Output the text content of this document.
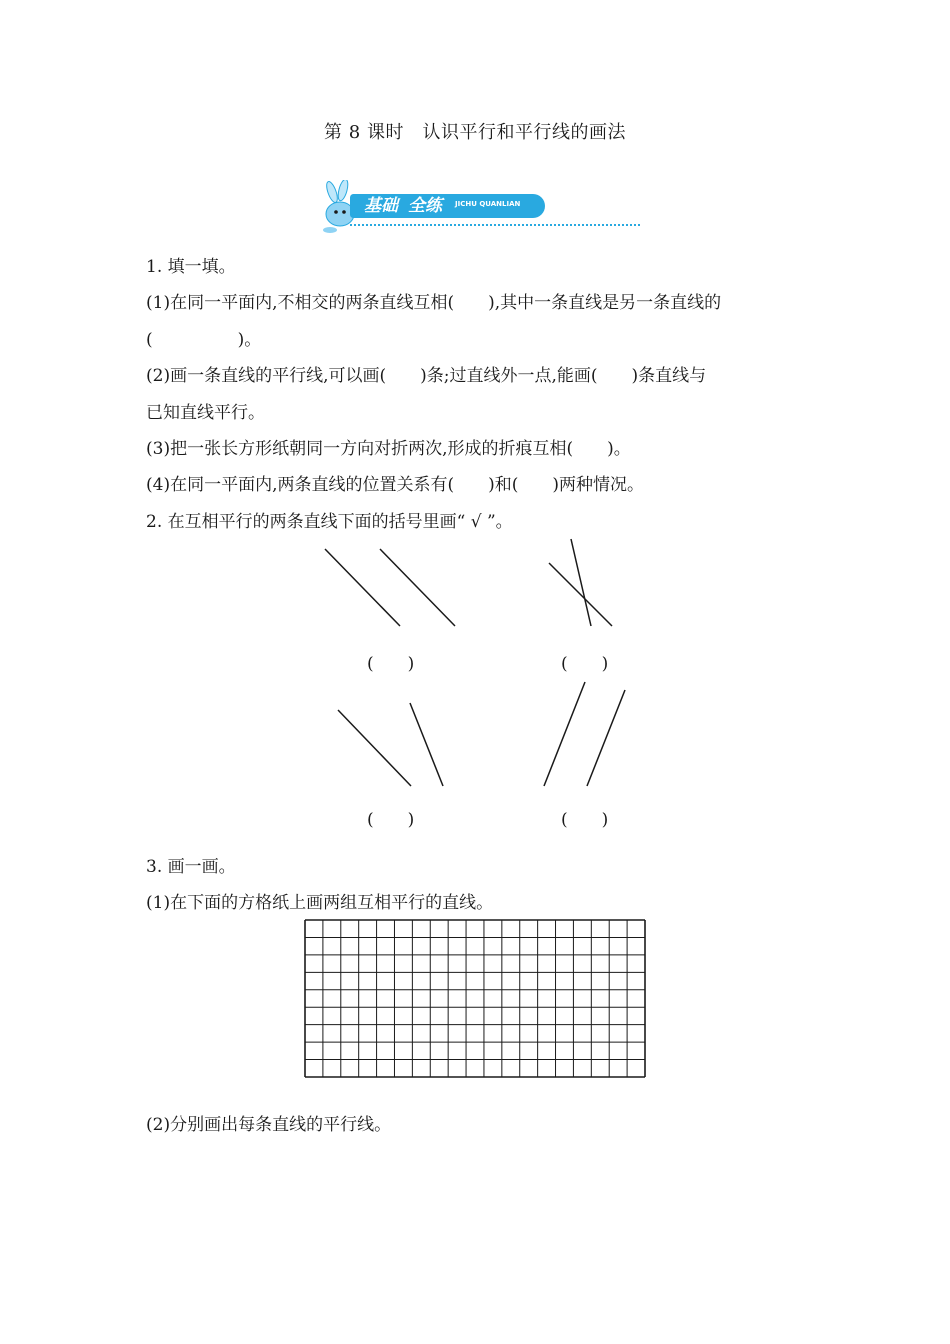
第 8 课时　认识平行和平行线的画法
基础 全练 JICHU QUANLIAN
1. 填一填。
(1)在同一平面内,不相交的两条直线互相(　　),其中一条直线是另一条直线的
(　　　　　)。
(2)画一条直线的平行线,可以画(　　)条;过直线外一点,能画(　　)条直线与
已知直线平行。
(3)把一张长方形纸朝同一方向对折两次,形成的折痕互相(　　)。
(4)在同一平面内,两条直线的位置关系有(　　)和(　　)两种情况。
2. 在互相平行的两条直线下面的括号里画“ √ ”。
(　　)	(　　)
(　　)	(　　)
3. 画一画。
(1)在下面的方格纸上画两组互相平行的直线。
(2)分别画出每条直线的平行线。
